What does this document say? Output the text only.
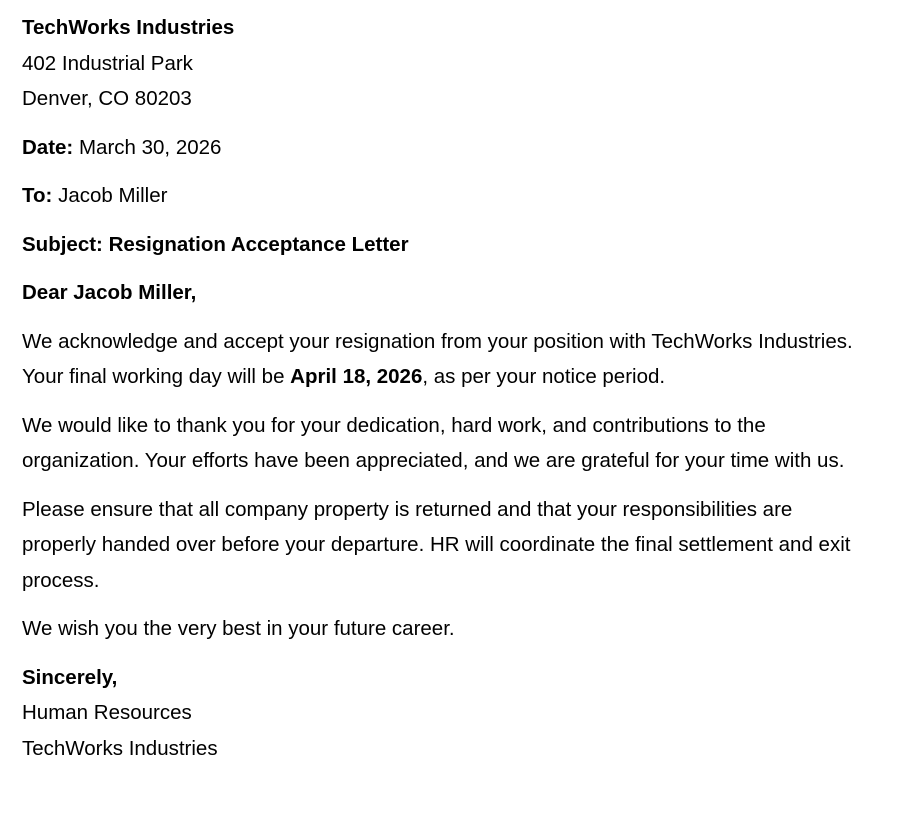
TechWorks Industries
402 Industrial Park
Denver, CO 80203
Date: March 30, 2026
To: Jacob Miller
Subject: Resignation Acceptance Letter
Dear Jacob Miller,
We acknowledge and accept your resignation from your position with TechWorks Industries. Your final working day will be April 18, 2026, as per your notice period.
We would like to thank you for your dedication, hard work, and contributions to the organization. Your efforts have been appreciated, and we are grateful for your time with us.
Please ensure that all company property is returned and that your responsibilities are properly handed over before your departure. HR will coordinate the final settlement and exit process.
We wish you the very best in your future career.
Sincerely,
Human Resources
TechWorks Industries
